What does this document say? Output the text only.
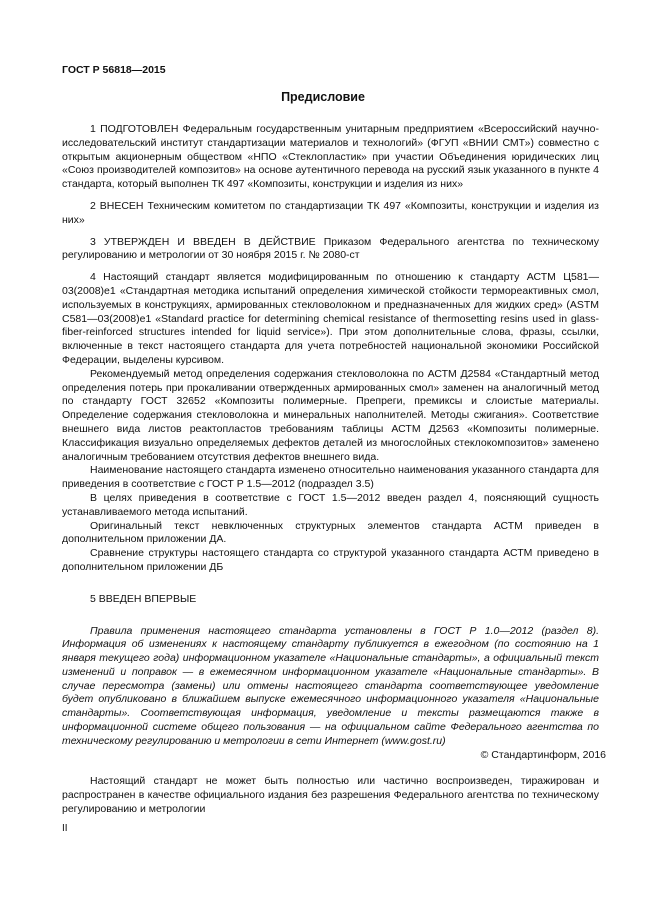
ГОСТ Р 56818—2015
Предисловие

1 ПОДГОТОВЛЕН Федеральным государственным унитарным предприятием «Всероссийский научно-исследовательский институт стандартизации материалов и технологий» (ФГУП «ВНИИ СМТ») совместно с открытым акционерным обществом «НПО «Стеклопластик» при участии Объединения юридических лиц «Союз производителей композитов» на основе аутентичного перевода на русский язык указанного в пункте 4 стандарта, который выполнен ТК 497 «Композиты, конструкции и изделия из них»

2 ВНЕСЕН Техническим комитетом по стандартизации ТК 497 «Композиты, конструкции и изделия из них»

3 УТВЕРЖДЕН И ВВЕДЕН В ДЕЙСТВИЕ Приказом Федерального агентства по техническому регулированию и метрологии от 30 ноября 2015 г. № 2080-ст

4 Настоящий стандарт является модифицированным по отношению к стандарту АСТМ Ц581—03(2008)е1 «Стандартная методика испытаний определения химической стойкости термореактивных смол, используемых в конструкциях, армированных стекловолокном и предназначенных для жидких сред» (ASTM C581—03(2008)e1 «Standard practice for determining chemical resistance of thermosetting resins used in glass-fiber-reinforced structures intended for liquid service»). При этом дополнительные слова, фразы, ссылки, включенные в текст настоящего стандарта для учета потребностей национальной экономики Российской Федерации, выделены курсивом.

Рекомендуемый метод определения содержания стекловолокна по АСТМ Д2584 «Стандартный метод определения потерь при прокаливании отвержденных армированных смол» заменен на аналогичный метод по стандарту ГОСТ 32652 «Композиты полимерные. Препреги, премиксы и слоистые материалы. Определение содержания стекловолокна и минеральных наполнителей. Методы сжигания». Соответствие внешнего вида листов реактопластов требованиям таблицы АСТМ Д2563 «Композиты полимерные. Классификация визуально определяемых дефектов деталей из многослойных стеклокомпозитов» заменено аналогичным требованием отсутствия дефектов внешнего вида.

Наименование настоящего стандарта изменено относительно наименования указанного стандарта для приведения в соответствие с ГОСТ Р 1.5—2012 (подраздел 3.5)

В целях приведения в соответствие с ГОСТ 1.5—2012 введен раздел 4, поясняющий сущность устанавливаемого метода испытаний.

Оригинальный текст невключенных структурных элементов стандарта АСТМ приведен в дополнительном приложении ДА.

Сравнение структуры настоящего стандарта со структурой указанного стандарта АСТМ приведено в дополнительном приложении ДБ

5 ВВЕДЕН ВПЕРВЫЕ

Правила применения настоящего стандарта установлены в ГОСТ Р 1.0—2012 (раздел 8). Информация об изменениях к настоящему стандарту публикуется в ежегодном (по состоянию на 1 января текущего года) информационном указателе «Национальные стандарты», а официальный текст изменений и поправок — в ежемесячном информационном указателе «Национальные стандарты». В случае пересмотра (замены) или отмены настоящего стандарта соответствующее уведомление будет опубликовано в ближайшем выпуске ежемесячного информационного указателя «Национальные стандарты». Соответствующая информация, уведомление и тексты размещаются также в информационной системе общего пользования — на официальном сайте Федерального агентства по техническому регулированию и метрологии в сети Интернет (www.gost.ru)

© Стандартинформ, 2016

Настоящий стандарт не может быть полностью или частично воспроизведен, тиражирован и распространен в качестве официального издания без разрешения Федерального агентства по техническому регулированию и метрологии

II
